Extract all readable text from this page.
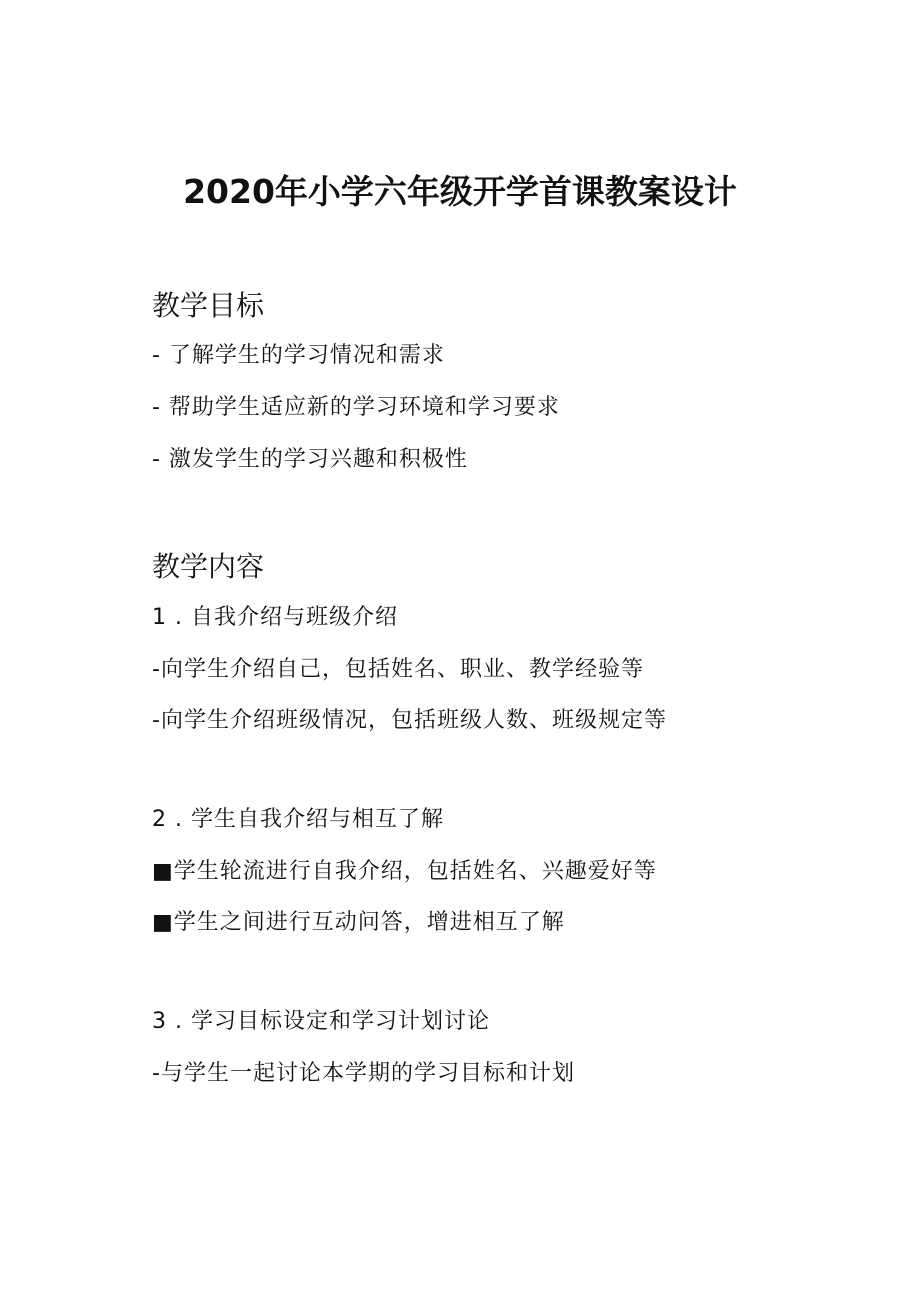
2020年小学六年级开学首课教案设计
教学目标
- 了解学生的学习情况和需求
- 帮助学生适应新的学习环境和学习要求
- 激发学生的学习兴趣和积极性
教学内容
1 . 自我介绍与班级介绍
-向学生介绍自己，包括姓名、职业、教学经验等
-向学生介绍班级情况，包括班级人数、班级规定等
2 . 学生自我介绍与相互了解
■学生轮流进行自我介绍，包括姓名、兴趣爱好等
■学生之间进行互动问答，增进相互了解
3 . 学习目标设定和学习计划讨论
-与学生一起讨论本学期的学习目标和计划
